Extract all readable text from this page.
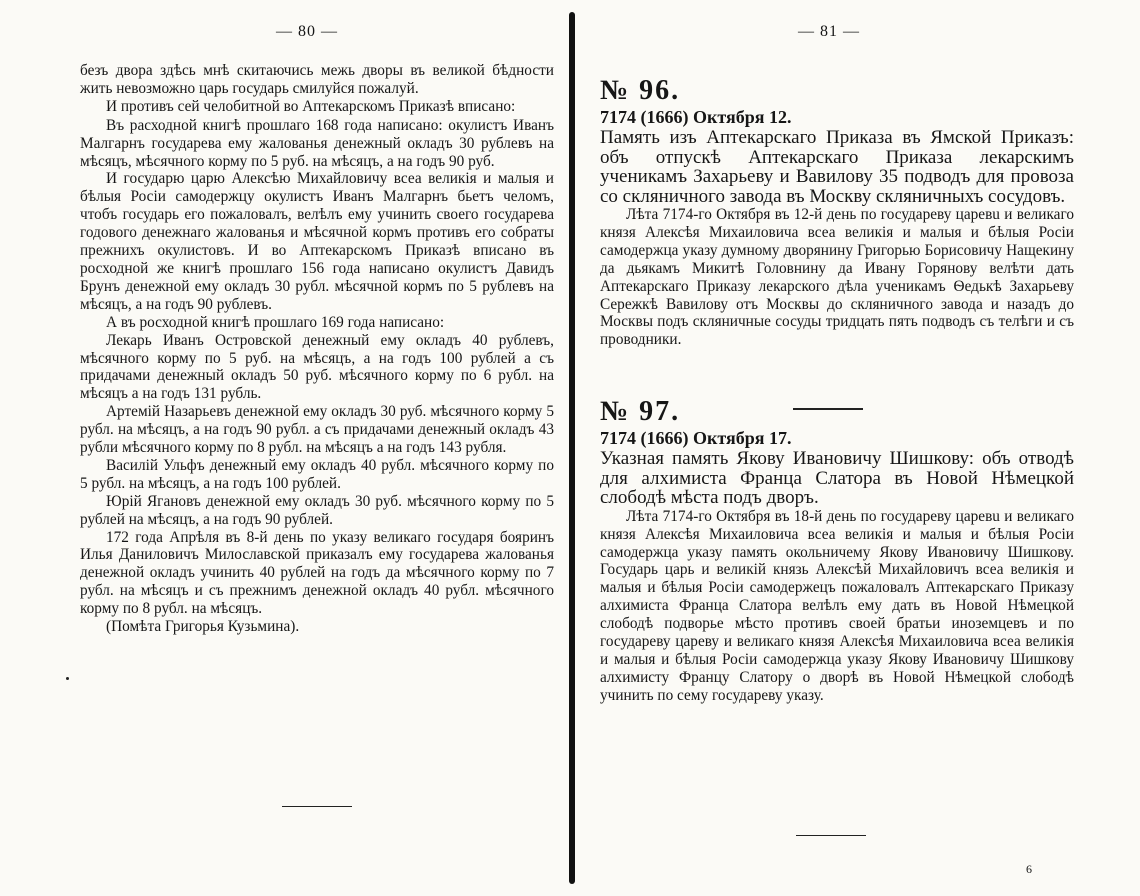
— 80 —

безъ двора здѣсь мнѣ скитаючись межь дворы въ великой бѣдности жить невозможно царь государь смилуйся пожалуй.

И противъ сей челобитной во Аптекарскомъ Приказѣ вписано:

Въ расходной книгѣ прошлаго 168 года написано: окулистъ Иванъ Малгарнъ государева ему жалованья денежный окладъ 30 рублевъ на мѣсяцъ, мѣсячного корму по 5 руб. на мѣсяцъ, а на годъ 90 руб.

И государю царю Алексѣю Михайловичу всеа великія и малыя и бѣлыя Росіи самодержцу окулистъ Иванъ Малгарнъ бьетъ челомъ, чтобъ государь его пожаловалъ, велѣлъ ему учинить своего государева годового денежнаго жалованья и мѣсячной кормъ противъ его собраты прежнихъ окулистовъ. И во Аптекарскомъ Приказѣ вписано въ росходной же книгѣ прошлаго 156 года написано окулистъ Давидъ Брунъ денежной ему окладъ 30 рубл. мѣсячной кормъ по 5 рублевъ на мѣсяцъ, а на годъ 90 рублевъ.

А въ росходной книгѣ прошлаго 169 года написано:

Лекарь Иванъ Островской денежный ему окладъ 40 рублевъ, мѣсячного корму по 5 руб. на мѣсяцъ, а на годъ 100 рублей а съ придачами денежный окладъ 50 руб. мѣсячного корму по 6 рубл. на мѣсяцъ а на годъ 131 рубль.

Артемій Назарьевъ денежной ему окладъ 30 руб. мѣсячного корму 5 рубл. на мѣсяцъ, а на годъ 90 рубл. а съ придачами денежный окладъ 43 рубли мѣсячного корму по 8 рубл. на мѣсяцъ а на годъ 143 рубля.

Василій Ульфъ денежный ему окладъ 40 рубл. мѣсячного корму по 5 рубл. на мѣсяцъ, а на годъ 100 рублей.

Юрій Ягановъ денежной ему окладъ 30 руб. мѣсячного корму по 5 рублей на мѣсяцъ, а на годъ 90 рублей.

172 года Апрѣля въ 8-й день по указу великаго государя бояринъ Илья Даниловичъ Милославской приказалъ ему государева жалованья денежной окладъ учинить 40 рублей на годъ да мѣсячного корму по 7 рубл. на мѣсяцъ и съ прежнимъ денежной окладъ 40 рубл. мѣсячного корму по 8 рубл. на мѣсяцъ.

(Помѣта Григорья Кузьмина).

— 81 —

№ 96.

7174 (1666) Октября 12.

Память изъ Аптекарскаго Приказа въ Ямской Приказъ: объ отпускѣ Аптекарскаго Приказа лекарскимъ ученикамъ Захарьеву и Вавилову 35 подводъ для провоза со скляничного завода въ Москву скляничныхъ сосудовъ.

Лѣта 7174-го Октября въ 12-й день по государеву царевu и великаго князя Алексѣя Михаиловича всеа великія и малыя и бѣлыя Росіи самодержца указу думному дворянину Григорью Борисовичу Нащекину да дьякамъ Микитѣ Головнину да Ивану Горянову велѣти дать Аптекарскаго Приказу лекарского дѣла ученикамъ Ѳедькѣ Захарьеву Сережкѣ Вавилову отъ Москвы до скляничного завода и назадъ до Москвы подъ скляничные сосуды тридцать пять подводъ съ телѣги и съ проводники.

№ 97.

7174 (1666) Октября 17.

Указная память Якову Ивановичу Шишкову: объ отводѣ для алхимиста Франца Слатора въ Новой Нѣмецкой слободѣ мѣста подъ дворъ.

Лѣта 7174-го Октября въ 18-й день по государеву царевu и великаго князя Алексѣя Михаиловича всеа великія и малыя и бѣлыя Росіи самодержца указу память окольничему Якову Ивановичу Шишкову. Государь царь и великій князь Алексѣй Михайловичъ всеа великія и малыя и бѣлыя Росіи самодержецъ пожаловалъ Аптекарскаго Приказу алхимиста Франца Слатора велѣлъ ему дать въ Новой Нѣмецкой слободѣ подворье мѣсто противъ своей братьи иноземцевъ и по государеву цареву и великаго князя Алексѣя Михаиловича всеа великія и малыя и бѣлыя Росіи самодержца указу Якову Ивановичу Шишкову алхимисту Францу Слатору о дворѣ въ Новой Нѣмецкой слободѣ учинить по сему государеву указу.

6
